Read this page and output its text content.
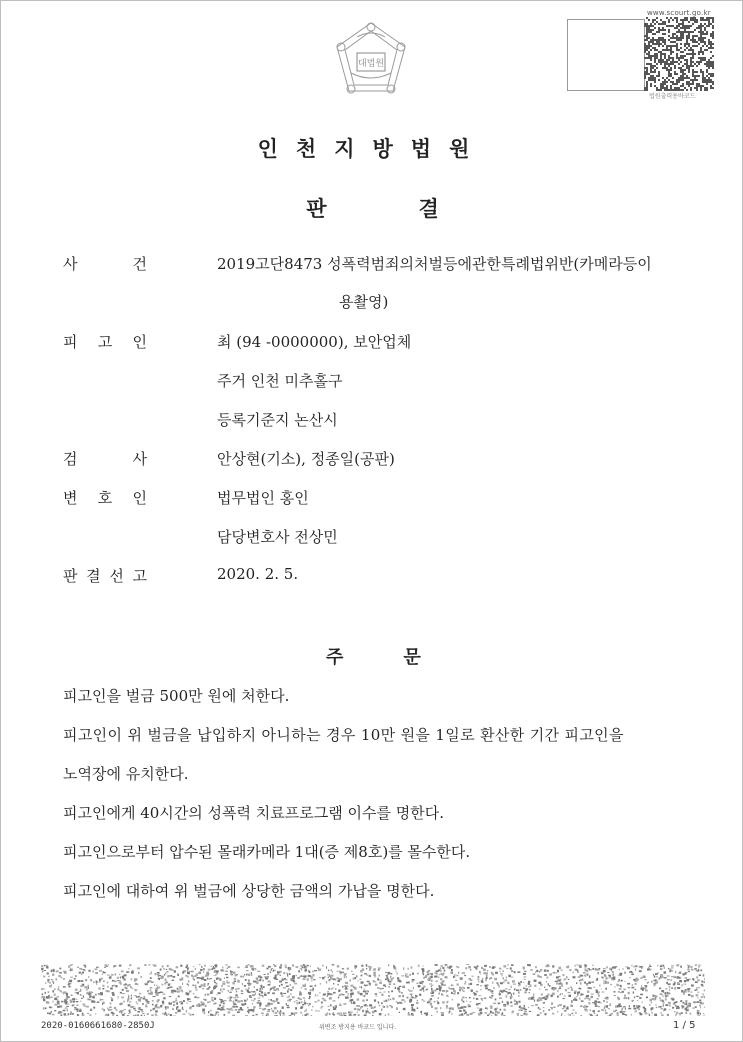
www.scourt.go.kr
대법원
법원출력용바코드
인천지방법원
판	결
사	건	2019고단8473 성폭력범죄의처벌등에관한특례법위반(카메라등이
용촬영)
피 고 인	최 (94 -0000000), 보안업체
주거 인천 미추홀구
등록기준지 논산시
검	사	안상현(기소), 정종일(공판)
변 호 인	법무법인 홍인
담당변호사 전상민
판 결 선 고	2020. 2. 5.
주	문
피고인을 벌금 500만 원에 처한다.
피고인이 위 벌금을 납입하지 아니하는 경우 10만 원을 1일로 환산한 기간 피고인을
노역장에 유치한다.
피고인에게 40시간의 성폭력 치료프로그램 이수를 명한다.
피고인으로부터 압수된 몰래카메라 1대(증 제8호)를 몰수한다.
피고인에 대하여 위 벌금에 상당한 금액의 가납을 명한다.
2020-0160661680-2850J	위변조 방지용 바코드 입니다.	1 / 5
